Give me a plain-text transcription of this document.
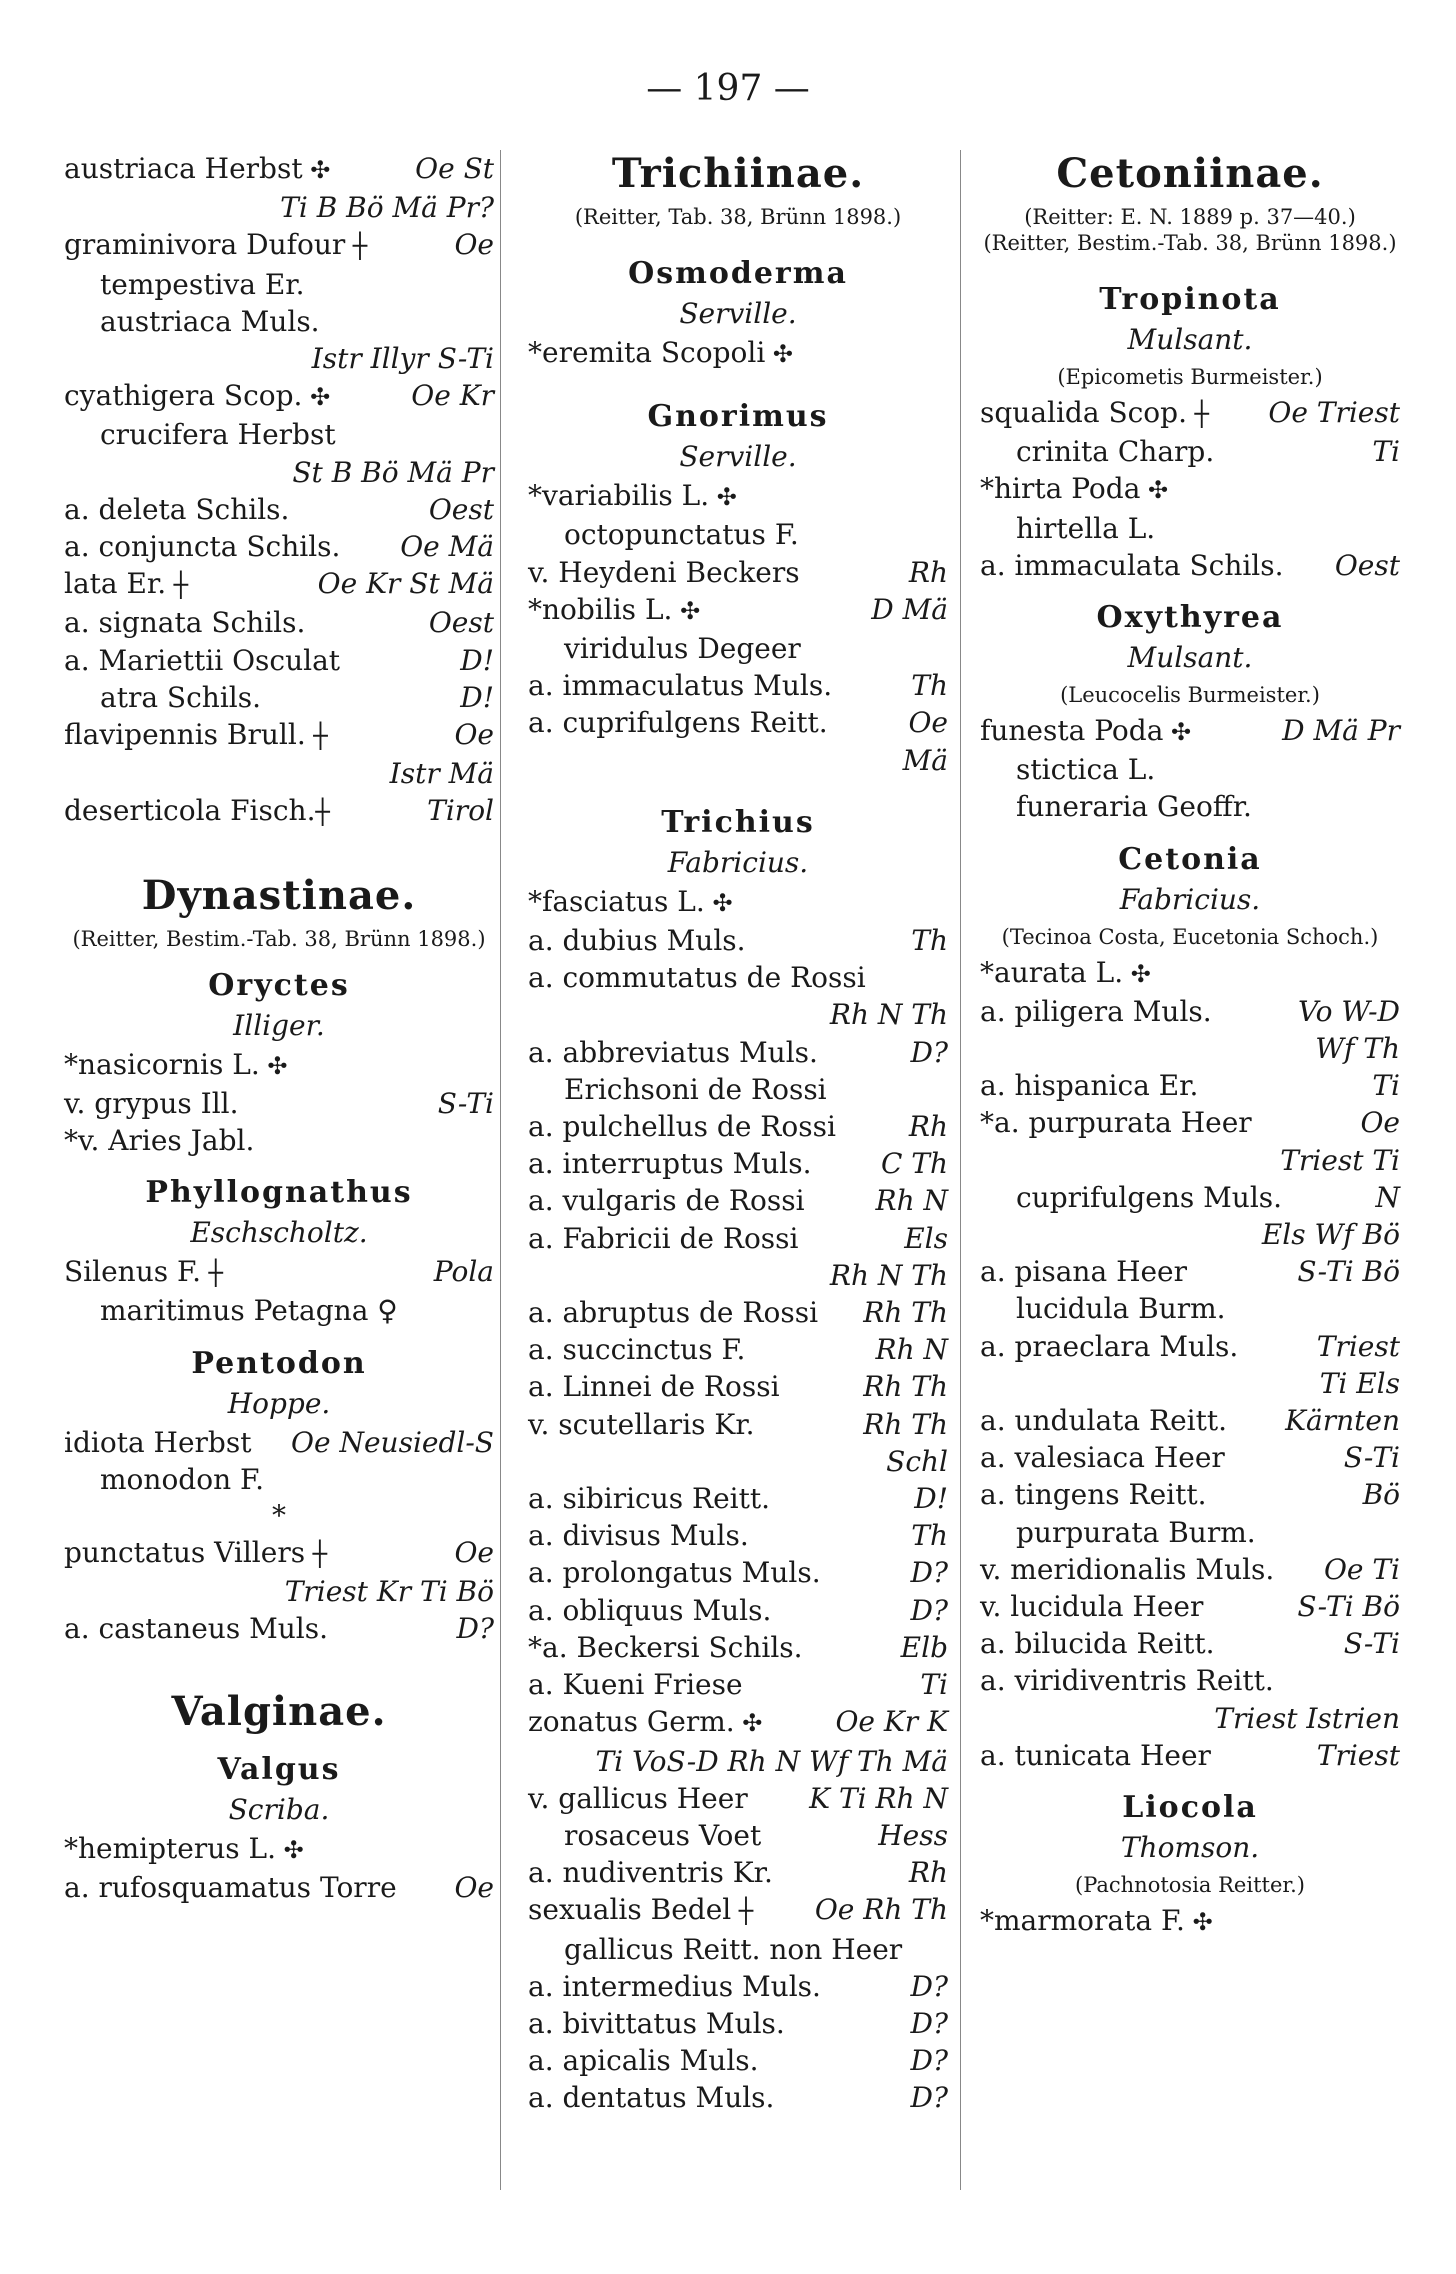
— 197 —
austriaca Herbst ✣	Oe St
Ti B Bö Mä Pr?
graminivora Dufour ┼	Oe
tempestiva Er.
austriaca Muls.
Istr Illyr S-Ti
cyathigera Scop. ✣	Oe Kr
crucifera Herbst
St B Bö Mä Pr
a. deleta Schils.	Oest
a. conjuncta Schils. Oe Mä
lata Er. ┼	Oe Kr St Mä
a. signata Schils.	Oest
a. Mariettii Osculat	D!
atra Schils.	D!
flavipennis Brull. ┼	Oe
Istr Mä
deserticola Fisch.┼	Tirol
Dynastinae.
(Reitter, Bestim.-Tab. 38, Brünn 1898.)
Oryctes
Illiger.
*nasicornis L. ✣
v. grypus Ill.	S-Ti
*v. Aries Jabl.
Phyllognathus
Eschscholtz.
Silenus F. ┼	Pola
maritimus Petagna ♀
Pentodon
Hoppe.
idiota Herbst Oe Neusiedl-S
monodon F.
*
punctatus Villers ┼	Oe
Triest Kr Ti Bö
a. castaneus Muls.	D?
Valginae.
Valgus
Scriba.
*hemipterus L. ✣
a. rufosquamatus Torre Oe
Trichiinae.
(Reitter, Tab. 38, Brünn 1898.)
Osmoderma
Serville.
*eremita Scopoli ✣
Gnorimus
Serville.
*variabilis L. ✣
octopunctatus F.
v. Heydeni Beckers	Rh
*nobilis L. ✣	D Mä
viridulus Degeer
a. immaculatus Muls.	Th
a. cuprifulgens Reitt.	Oe
Mä
Trichius
Fabricius.
*fasciatus L. ✣
a. dubius Muls.	Th
a. commutatus de Rossi
Rh N Th
a. abbreviatus Muls.	D?
Erichsoni de Rossi
a. pulchellus de Rossi	Rh
a. interruptus Muls. C Th
a. vulgaris de Rossi	Rh N
a. Fabricii de Rossi	Els
Rh N Th
a. abruptus de Rossi Rh Th
a. succinctus F.	Rh N
a. Linnei de Rossi	Rh Th
v. scutellaris Kr.	Rh Th
Schl
a. sibiricus Reitt.	D!
a. divisus Muls.	Th
a. prolongatus Muls.	D?
a. obliquus Muls.	D?
*a. Beckersi Schils.	Elb
a. Kueni Friese	Ti
zonatus Germ. ✣	Oe Kr K
Ti VoS-D Rh N Wf Th Mä
v. gallicus Heer K Ti Rh N
rosaceus Voet	Hess
a. nudiventris Kr.	Rh
sexualis Bedel ┼ Oe Rh Th
gallicus Reitt. non Heer
a. intermedius Muls.	D?
a. bivittatus Muls.	D?
a. apicalis Muls.	D?
a. dentatus Muls.	D?
Cetoniinae.
(Reitter: E. N. 1889 p. 37—40.) (Reitter, Bestim.-Tab. 38, Brünn 1898.)
Tropinota
Mulsant.
(Epicometis Burmeister.)
squalida Scop. ┼ Oe Triest
crinita Charp.	Ti
*hirta Poda ✣
hirtella L.
a. immaculata Schils. Oest
Oxythyrea
Mulsant.
(Leucocelis Burmeister.)
funesta Poda ✣	D Mä Pr
stictica L.
funeraria Geoffr.
Cetonia
Fabricius.
(Tecinoa Costa, Eucetonia Schoch.)
*aurata L. ✣
a. piligera Muls.	Vo W-D
Wf Th
a. hispanica Er.	Ti
*a. purpurata Heer	Oe
Triest Ti
cuprifulgens Muls.	N
Els Wf Bö
a. pisana Heer	S-Ti Bö
lucidula Burm.
a. praeclara Muls.	Triest
Ti Els
a. undulata Reitt. Kärnten
a. valesiaca Heer	S-Ti
a. tingens Reitt.	Bö
purpurata Burm.
v. meridionalis Muls. Oe Ti
v. lucidula Heer	S-Ti Bö
a. bilucida Reitt.	S-Ti
a. viridiventris Reitt.
Triest Istrien
a. tunicata Heer	Triest
Liocola
Thomson.
(Pachnotosia Reitter.)
*marmorata F. ✣
